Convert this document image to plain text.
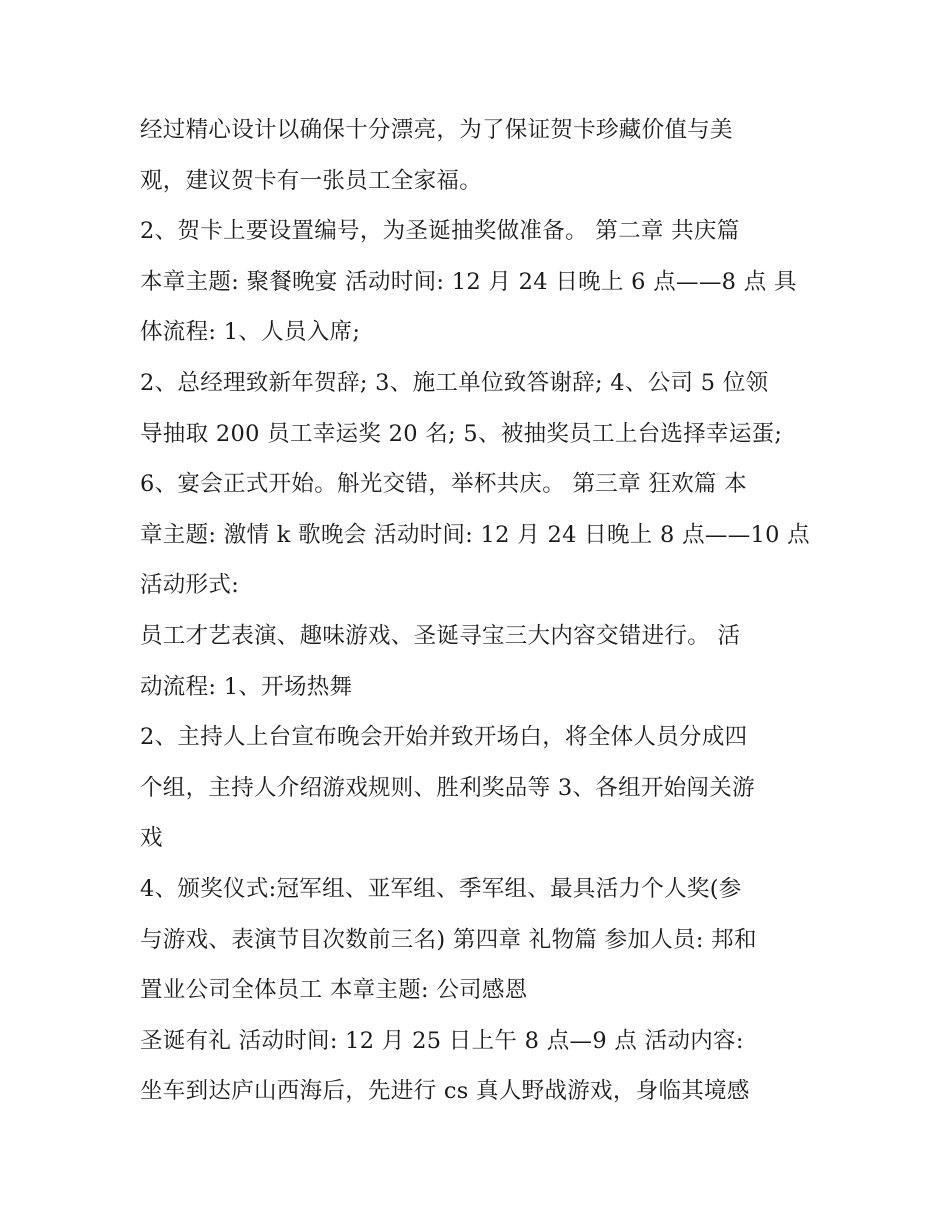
经过精心设计以确保十分漂亮，为了保证贺卡珍藏价值与美
观，建议贺卡有一张员工全家福。
2、贺卡上要设置编号，为圣诞抽奖做准备。 第二章 共庆篇
本章主题: 聚餐晚宴 活动时间: 12 月 24 日晚上 6 点——8 点 具
体流程: 1、人员入席;
2、总经理致新年贺辞; 3、施工单位致答谢辞; 4、公司 5 位领
导抽取 200 员工幸运奖 20 名; 5、被抽奖员工上台选择幸运蛋;
6、宴会正式开始。斛光交错，举杯共庆。 第三章 狂欢篇 本
章主题: 激情 k 歌晚会 活动时间: 12 月 24 日晚上 8 点——10 点
活动形式:
员工才艺表演、趣味游戏、圣诞寻宝三大内容交错进行。 活
动流程: 1、开场热舞
2、主持人上台宣布晚会开始并致开场白，将全体人员分成四
个组，主持人介绍游戏规则、胜利奖品等 3、各组开始闯关游
戏
4、颁奖仪式:冠军组、亚军组、季军组、最具活力个人奖(参
与游戏、表演节目次数前三名) 第四章 礼物篇 参加人员: 邦和
置业公司全体员工 本章主题: 公司感恩
圣诞有礼 活动时间: 12 月 25 日上午 8 点—9 点 活动内容:
坐车到达庐山西海后，先进行 cs 真人野战游戏，身临其境感
